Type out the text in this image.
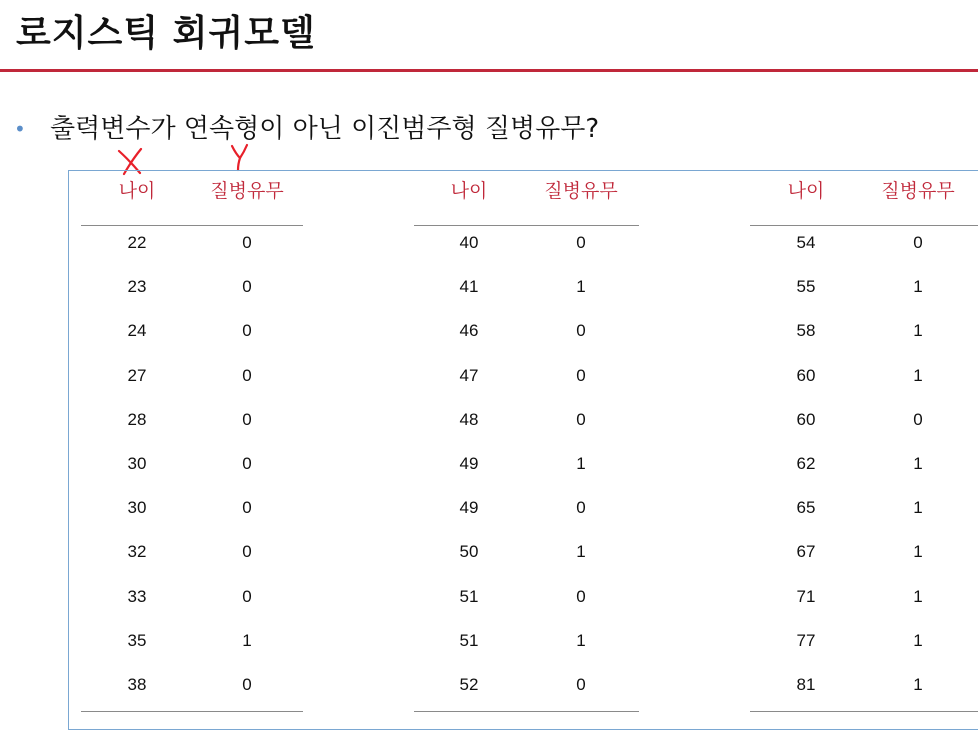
로지스틱 회귀모델
• 출력변수가 연속형이 아닌 이진범주형 질병유무?
나이	질병유무
22	0
23	0
24	0
27	0
28	0
30	0
30	0
32	0
33	0
35	1
38	0
나이	질병유무
40	0
41	1
46	0
47	0
48	0
49	1
49	0
50	1
51	0
51	1
52	0
나이	질병유무
54	0
55	1
58	1
60	1
60	0
62	1
65	1
67	1
71	1
77	1
81	1
